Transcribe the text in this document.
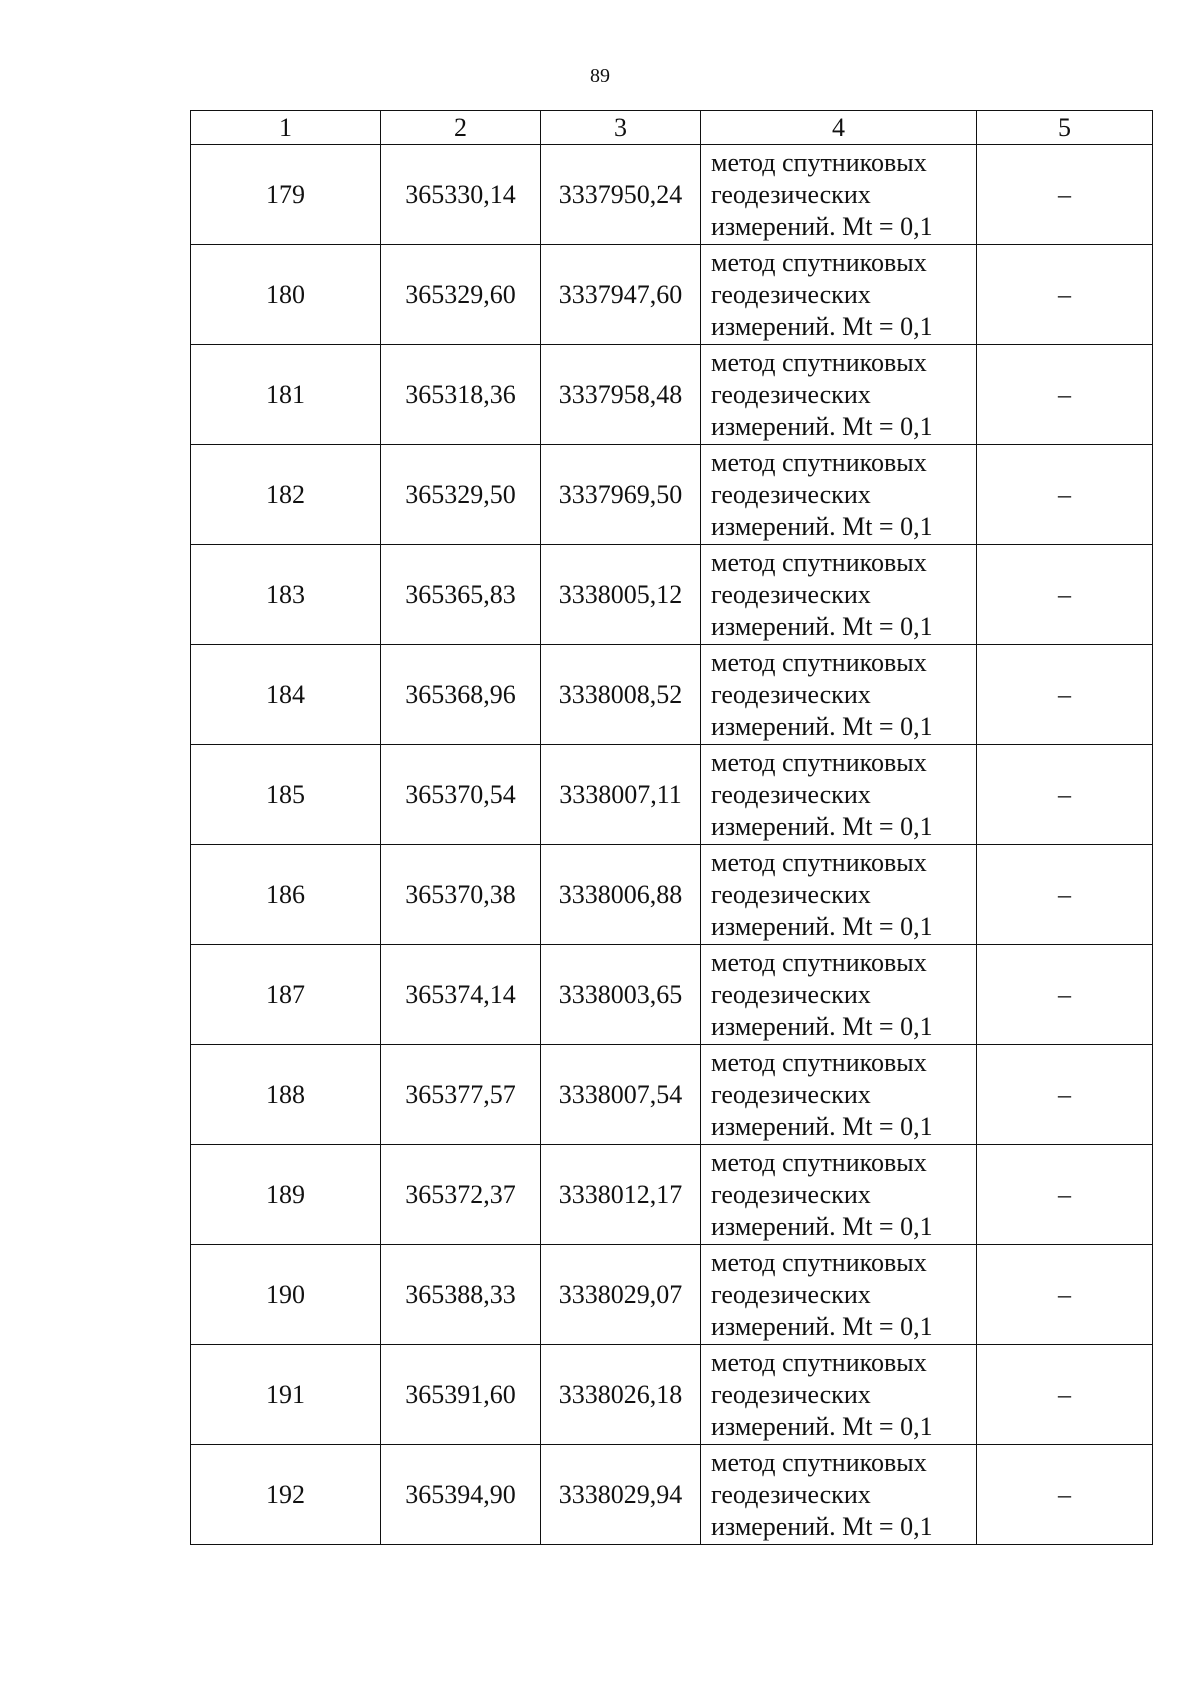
89
1	2	3	4	5
179	365330,14	3337950,24	метод спутниковых
геодезических
измерений. Mt = 0,1	–
180	365329,60	3337947,60	метод спутниковых
геодезических
измерений. Mt = 0,1	–
181	365318,36	3337958,48	метод спутниковых
геодезических
измерений. Mt = 0,1	–
182	365329,50	3337969,50	метод спутниковых
геодезических
измерений. Mt = 0,1	–
183	365365,83	3338005,12	метод спутниковых
геодезических
измерений. Mt = 0,1	–
184	365368,96	3338008,52	метод спутниковых
геодезических
измерений. Mt = 0,1	–
185	365370,54	3338007,11	метод спутниковых
геодезических
измерений. Mt = 0,1	–
186	365370,38	3338006,88	метод спутниковых
геодезических
измерений. Mt = 0,1	–
187	365374,14	3338003,65	метод спутниковых
геодезических
измерений. Mt = 0,1	–
188	365377,57	3338007,54	метод спутниковых
геодезических
измерений. Mt = 0,1	–
189	365372,37	3338012,17	метод спутниковых
геодезических
измерений. Mt = 0,1	–
190	365388,33	3338029,07	метод спутниковых
геодезических
измерений. Mt = 0,1	–
191	365391,60	3338026,18	метод спутниковых
геодезических
измерений. Mt = 0,1	–
192	365394,90	3338029,94	метод спутниковых
геодезических
измерений. Mt = 0,1	–
